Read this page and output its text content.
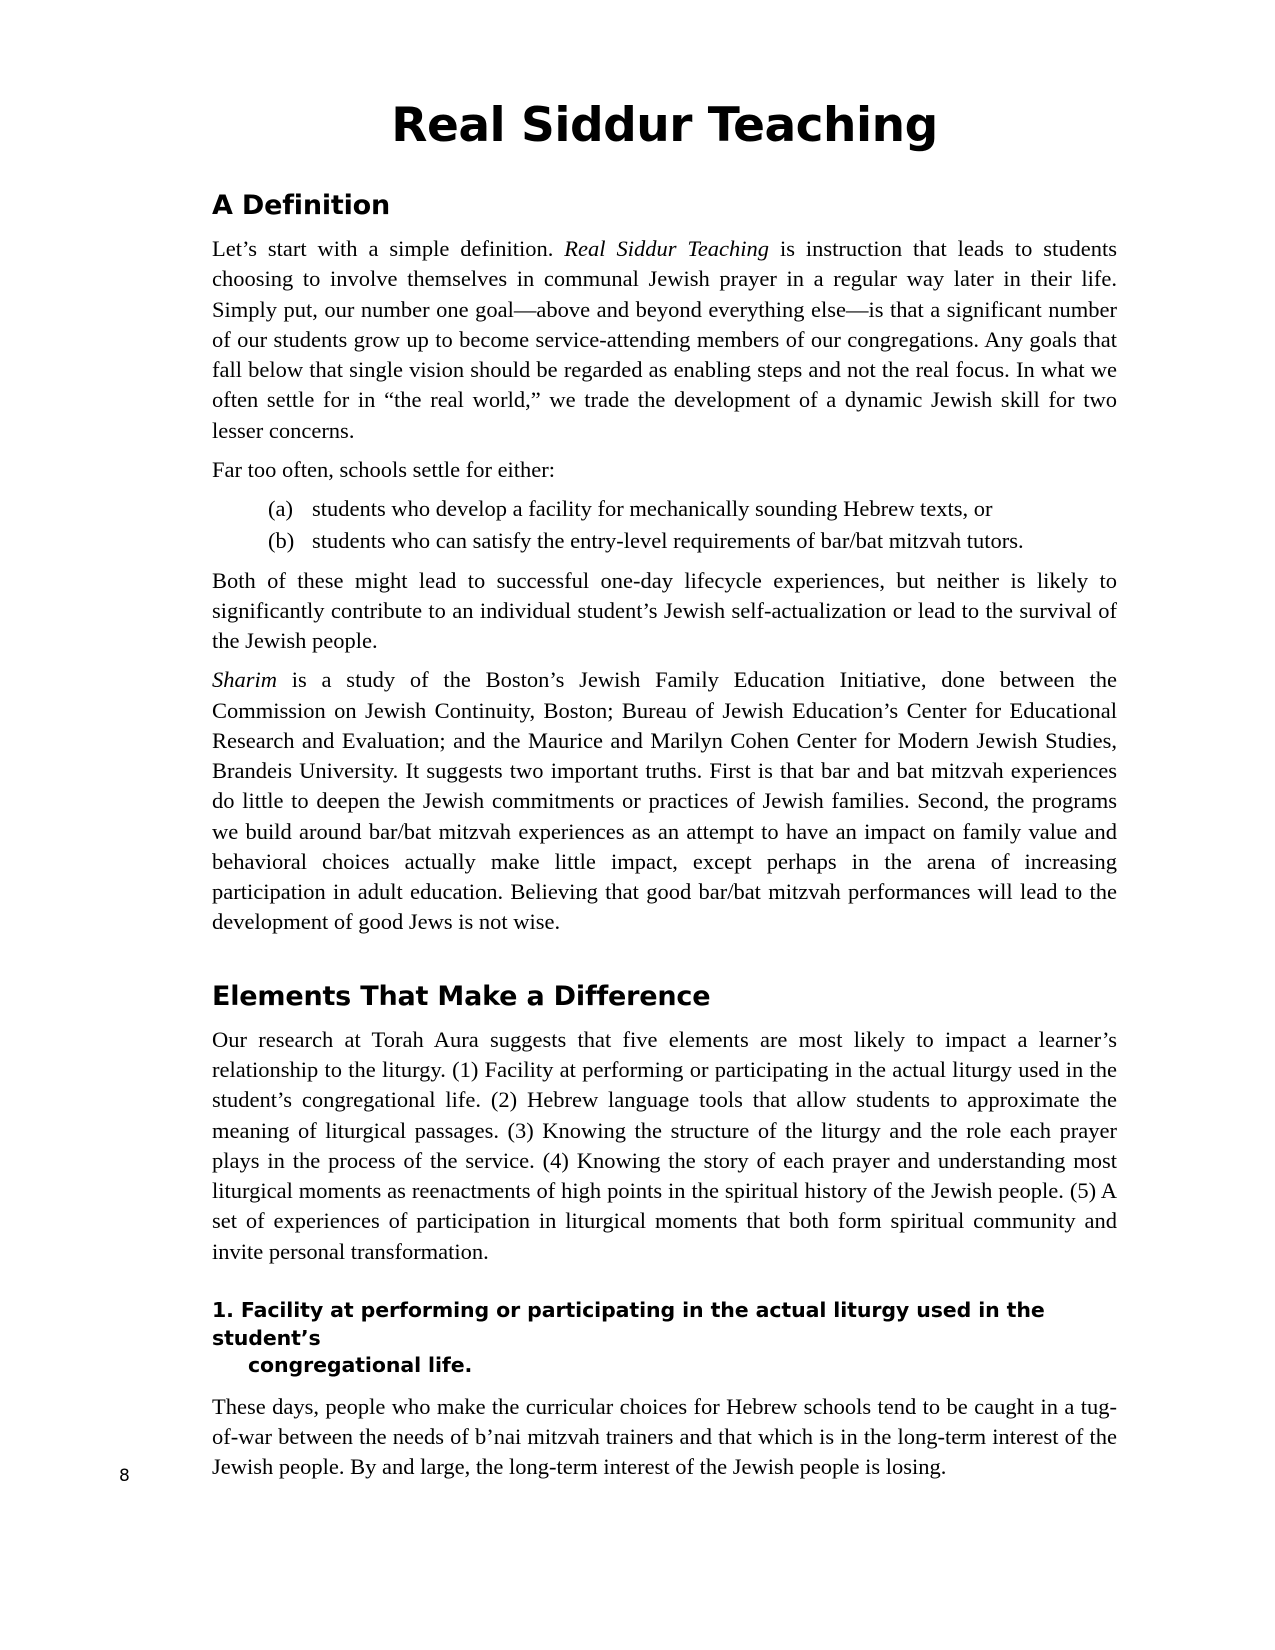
Real Siddur Teaching
A Definition

Let’s start with a simple definition. Real Siddur Teaching is instruction that leads to students choosing to involve themselves in communal Jewish prayer in a regular way later in their life. Simply put, our number one goal—above and beyond everything else—is that a significant number of our students grow up to become service-attending members of our congregations. Any goals that fall below that single vision should be regarded as enabling steps and not the real focus. In what we often settle for in “the real world,” we trade the development of a dynamic Jewish skill for two lesser concerns.

Far too often, schools settle for either:

(a) students who develop a facility for mechanically sounding Hebrew texts, or
(b) students who can satisfy the entry-level requirements of bar/bat mitzvah tutors.

Both of these might lead to successful one-day lifecycle experiences, but neither is likely to significantly contribute to an individual student’s Jewish self-actualization or lead to the survival of the Jewish people.

Sharim is a study of the Boston’s Jewish Family Education Initiative, done between the Commission on Jewish Continuity, Boston; Bureau of Jewish Education’s Center for Educational Research and Evaluation; and the Maurice and Marilyn Cohen Center for Modern Jewish Studies, Brandeis University. It suggests two important truths. First is that bar and bat mitzvah experiences do little to deepen the Jewish commitments or practices of Jewish families. Second, the programs we build around bar/bat mitzvah experiences as an attempt to have an impact on family value and behavioral choices actually make little impact, except perhaps in the arena of increasing participation in adult education. Believing that good bar/bat mitzvah performances will lead to the development of good Jews is not wise.

Elements That Make a Difference

Our research at Torah Aura suggests that five elements are most likely to impact a learner’s relationship to the liturgy. (1) Facility at performing or participating in the actual liturgy used in the student’s congregational life. (2) Hebrew language tools that allow students to approximate the meaning of liturgical passages. (3) Knowing the structure of the liturgy and the role each prayer plays in the process of the service. (4) Knowing the story of each prayer and understanding most liturgical moments as reenactments of high points in the spiritual history of the Jewish people. (5) A set of experiences of participation in liturgical moments that both form spiritual community and invite personal transformation.

1. Facility at performing or participating in the actual liturgy used in the student’s
congregational life.

These days, people who make the curricular choices for Hebrew schools tend to be caught in a tug-of-war between the needs of b’nai mitzvah trainers and that which is in the long-term interest of the Jewish people. By and large, the long-term interest of the Jewish people is losing.

8
